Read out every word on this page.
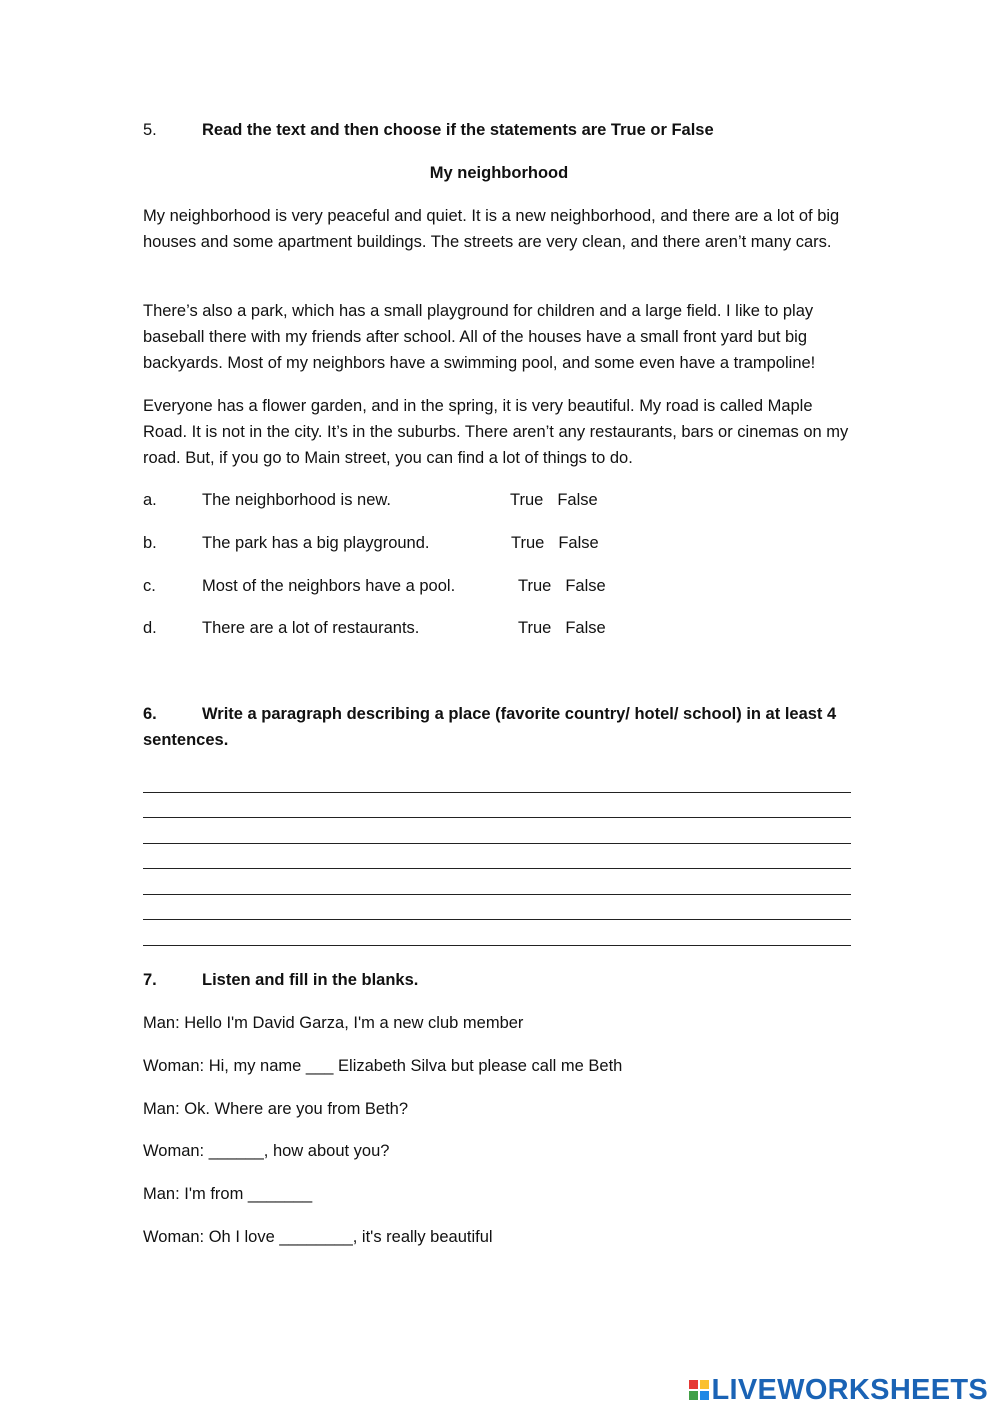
5.	Read the text and then choose if the statements are True or False
My neighborhood
My neighborhood is very peaceful and quiet. It is a new neighborhood, and there are a lot of big houses and some apartment buildings. The streets are very clean, and there aren’t many cars.
There’s also a park, which has a small playground for children and a large field. I like to play baseball there with my friends after school. All of the houses have a small front yard but big backyards. Most of my neighbors have a swimming pool, and some even have a trampoline!
Everyone has a flower garden, and in the spring, it is very beautiful. My road is called Maple Road. It is not in the city. It’s in the suburbs. There aren’t any restaurants, bars or cinemas on my road. But, if you go to Main street, you can find a lot of things to do.
a.	The neighborhood is new.	True False
b.	The park has a big playground.	True False
c.	Most of the neighbors have a pool.	True False
d.	There are a lot of restaurants.	True False
6.	Write a paragraph describing a place (favorite country/ hotel/ school) in at least 4 sentences.
7.	Listen and fill in the blanks.
Man: Hello I'm David Garza, I'm a new club member
Woman: Hi, my name ___ Elizabeth Silva but please call me Beth
Man: Ok. Where are you from Beth?
Woman: ______, how about you?
Man: I'm from _______
Woman: Oh I love ________, it's really beautiful
LIVEWORKSHEETS
